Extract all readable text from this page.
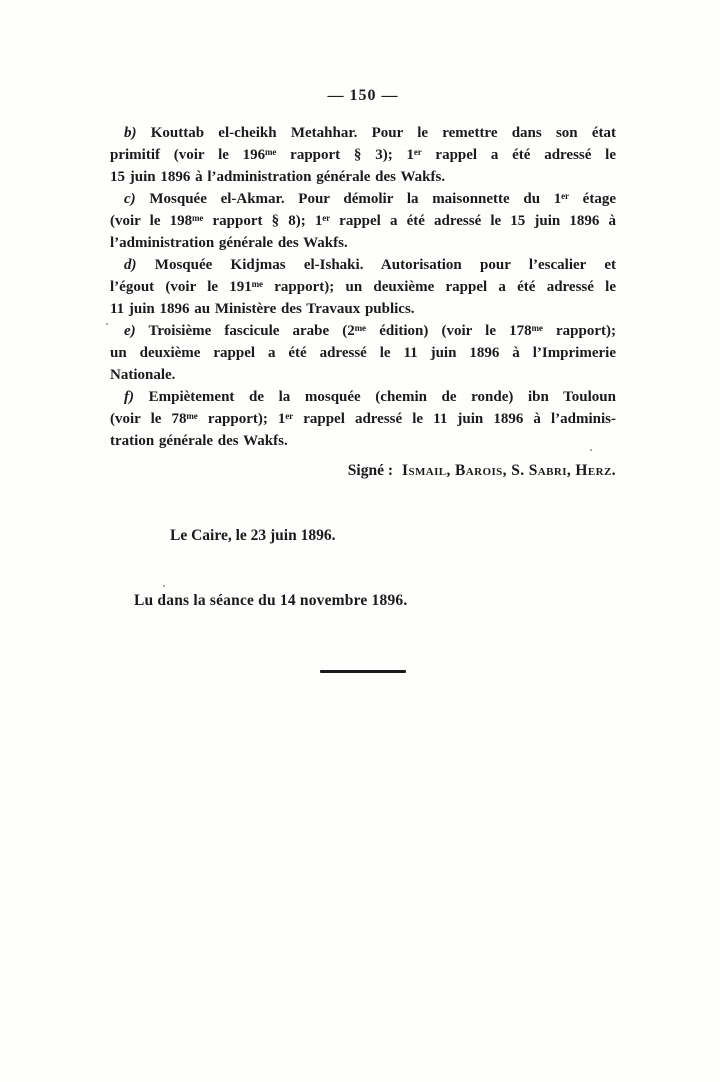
— 150 —
b) Kouttab el-cheikh Metahhar. Pour le remettre dans son état
primitif (voir le 196ᵐᵉ rapport § 3); 1ᵉʳ rappel a été adressé le
15 juin 1896 à l’administration générale des Wakfs.
c) Mosquée el-Akmar. Pour démolir la maisonnette du 1ᵉʳ étage
(voir le 198ᵐᵉ rapport § 8); 1ᵉʳ rappel a été adressé le 15 juin 1896 à
l’administration générale des Wakfs.
d) Mosquée Kidjmas el-Ishaki. Autorisation pour l’escalier et
l’égout (voir le 191ᵐᵉ rapport); un deuxième rappel a été adressé le
11 juin 1896 au Ministère des Travaux publics.
e) Troisième fascicule arabe (2ᵐᵉ édition) (voir le 178ᵐᵉ rapport);
un deuxième rappel a été adressé le 11 juin 1896 à l’Imprimerie
Nationale.
f) Empiètement de la mosquée (chemin de ronde) ibn Touloun
(voir le 78ᵐᵉ rapport); 1ᵉʳ rappel adressé le 11 juin 1896 à l’adminis-
tration générale des Wakfs.
Signé : Ismail, Barois, S. Sabri, Herz.
Le Caire, le 23 juin 1896.
Lu dans la séance du 14 novembre 1896.
